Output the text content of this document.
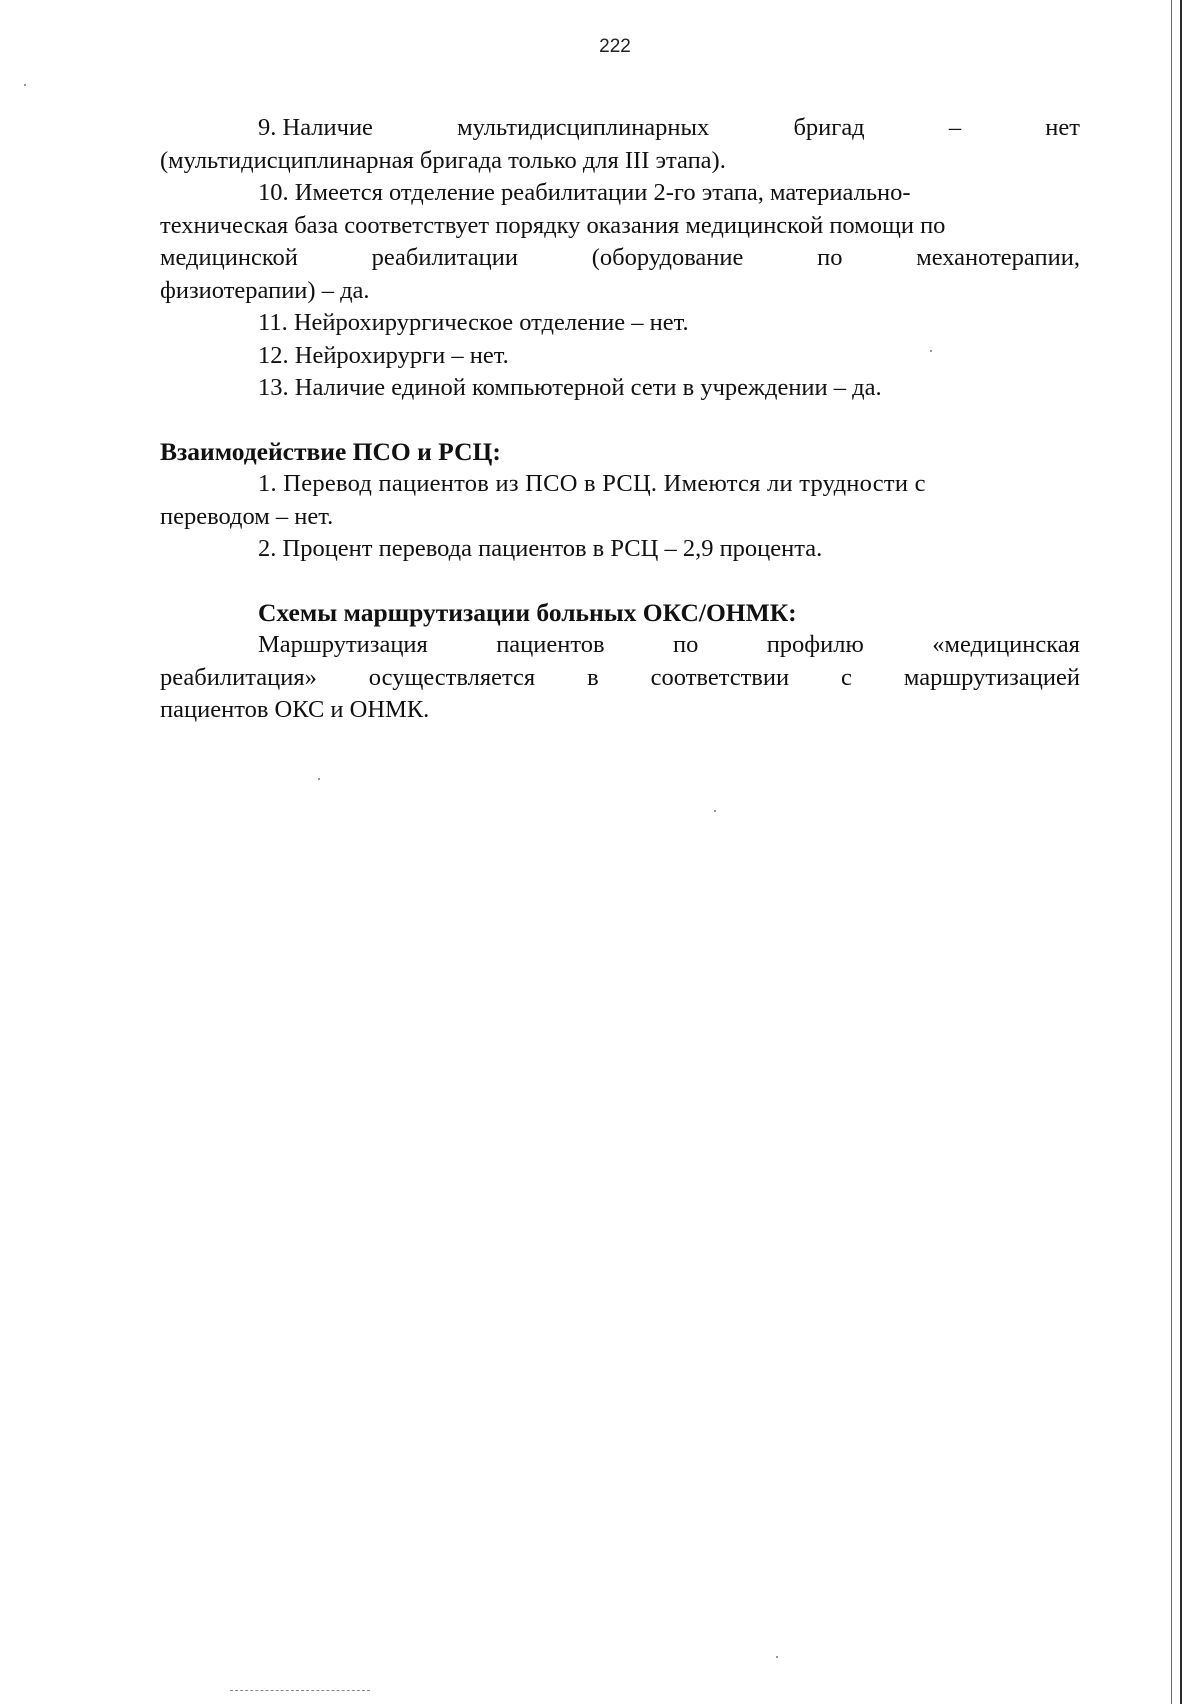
222
9. Наличие	мультидисциплинарных	бригад	–	нет
(мультидисциплинарная бригада только для III этапа).
10. Имеется отделение реабилитации 2-го этапа, материально-
техническая база соответствует порядку оказания медицинской помощи по
медицинской	реабилитации	(оборудование	по	механотерапии,
физиотерапии) – да.
11. Нейрохирургическое отделение – нет.
12. Нейрохирурги – нет.
13. Наличие единой компьютерной сети в учреждении – да.
Взаимодействие ПСО и РСЦ:
1. Перевод пациентов из ПСО в РСЦ. Имеются ли трудности с
переводом – нет.
2. Процент перевода пациентов в РСЦ – 2,9 процента.
Схемы маршрутизации больных ОКС/ОНМК:
Маршрутизация	пациентов	по	профилю	«медицинская
реабилитация» осуществляется в соответствии с маршрутизацией
пациентов ОКС и ОНМК.
